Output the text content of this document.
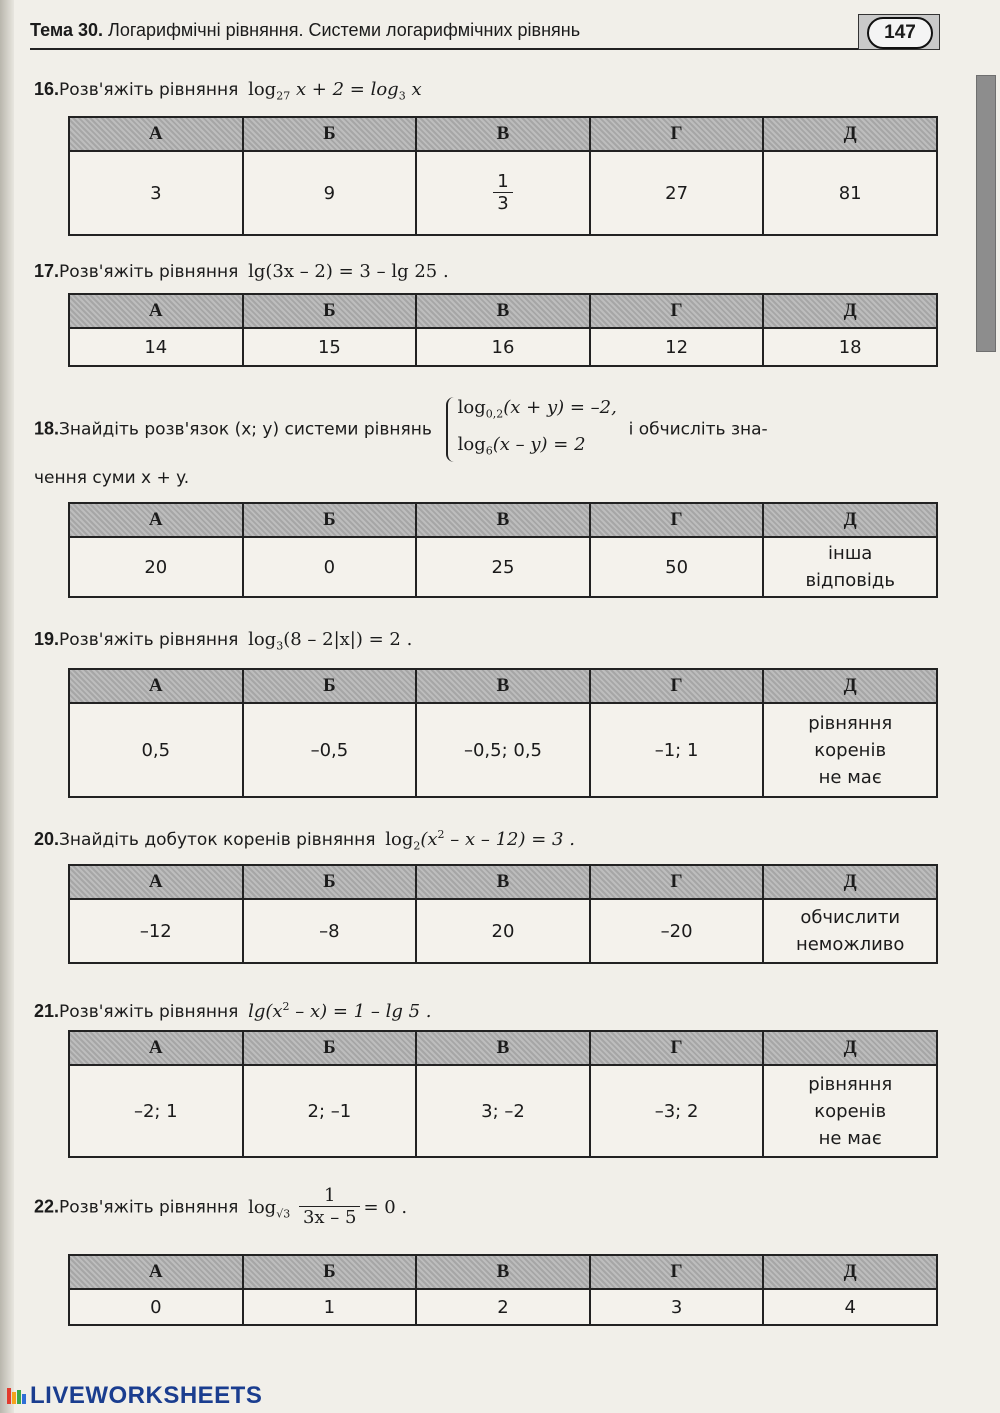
Тема 30. Логарифмічні рівняння. Системи логарифмічних рівнянь	147
16.Розв'яжіть рівняння $\log_{27} x + 2 = \log_3 x$
А	Б	В	Г	Д
3	9	$\frac{1}{3}$	27	81
17.Розв'яжіть рівняння lg(3x – 2) = 3 – lg 25 .
А	Б	В	Г	Д
14	15	16	12	18
18.Знайдіть розв'язок (x; y) системи рівнянь
$\log_{0,2}(x + y) = -2$,
$\log_6(x - y) = 2$
і обчисліть зна-
чення суми x + y.
А	Б	В	Г	Д
20	0	25	50	інша відповідь
19.Розв'яжіть рівняння $\log_3(8 - 2|x|) = 2$ .
А	Б	В	Г	Д
0,5	–0,5	–0,5; 0,5	–1; 1	рівняння коренів не має
20.Знайдіть добуток коренів рівняння $\log_2(x^2 - x - 12) = 3$ .
А	Б	В	Г	Д
–12	–8	20	–20	обчислити неможливо
21.Розв'яжіть рівняння $\lg(x^2 - x) = 1 - \lg 5$ .
А	Б	В	Г	Д
–2; 1	2; –1	3; –2	–3; 2	рівняння коренів не має
22.Розв'яжіть рівняння $\log_{√3} \frac{1}{3x - 5} = 0$ .
А	Б	В	Г	Д
0	1	2	3	4
LIVEWORKSHEETS
